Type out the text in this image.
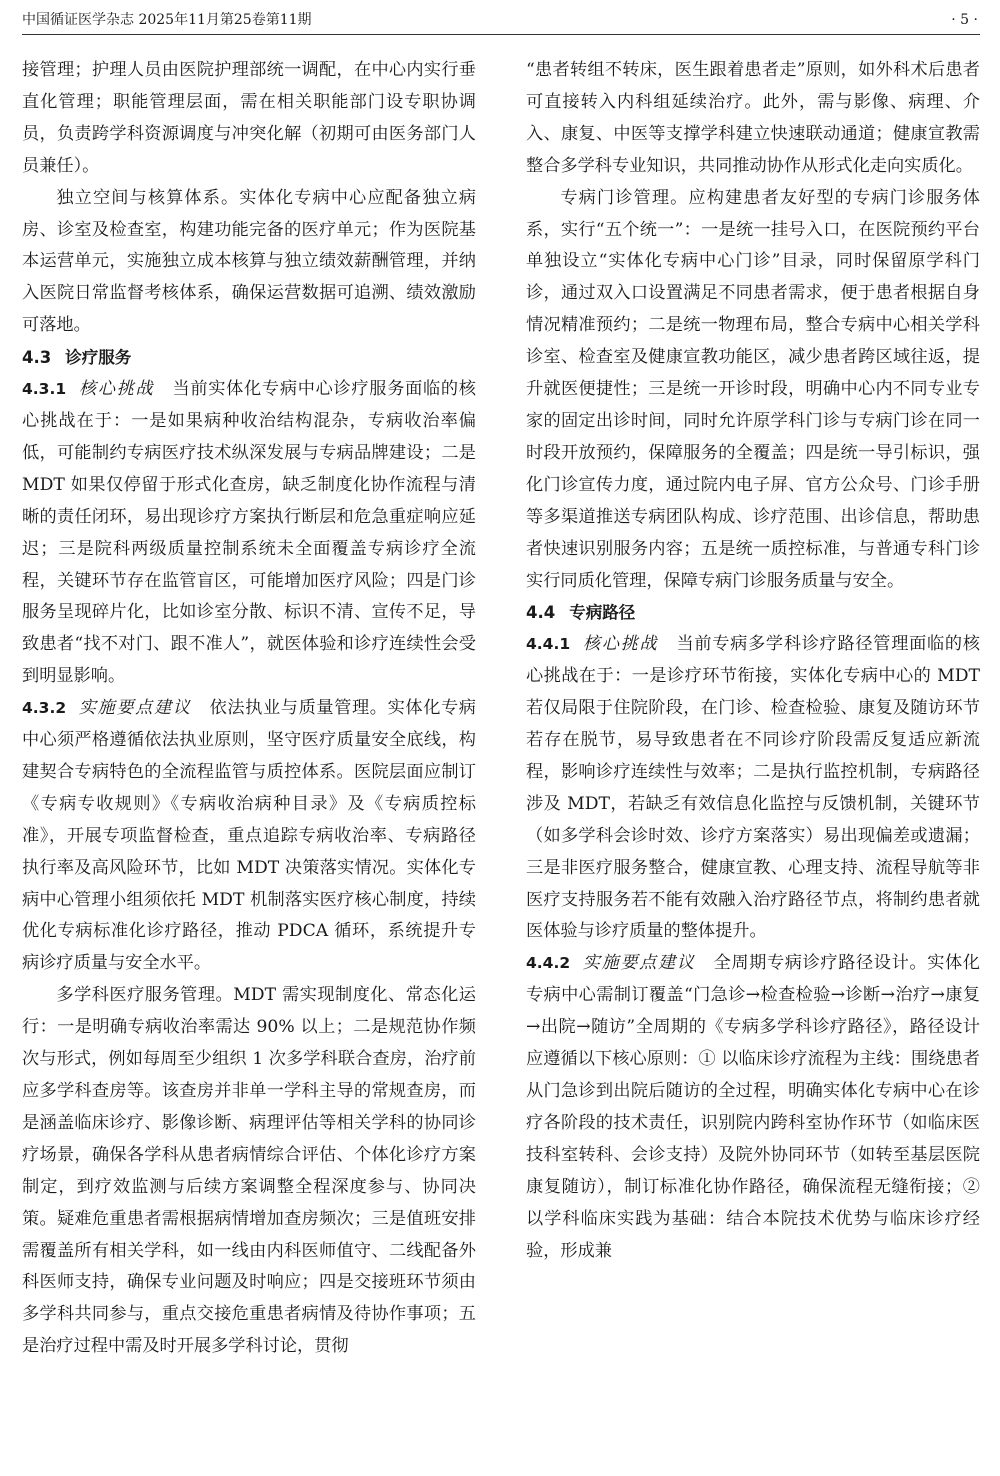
中国循证医学杂志 2025年11月第25卷第11期	· 5 ·

接管理；护理人员由医院护理部统一调配，在中心内实行垂直化管理；职能管理层面，需在相关职能部门设专职协调员，负责跨学科资源调度与冲突化解（初期可由医务部门人员兼任）。

独立空间与核算体系。实体化专病中心应配备独立病房、诊室及检查室，构建功能完备的医疗单元；作为医院基本运营单元，实施独立成本核算与独立绩效薪酬管理，并纳入医院日常监督考核体系，确保运营数据可追溯、绩效激励可落地。

4.3 诊疗服务

4.3.1 核心挑战 当前实体化专病中心诊疗服务面临的核心挑战在于：一是如果病种收治结构混杂，专病收治率偏低，可能制约专病医疗技术纵深发展与专病品牌建设；二是 MDT 如果仅停留于形式化查房，缺乏制度化协作流程与清晰的责任闭环，易出现诊疗方案执行断层和危急重症响应延迟；三是院科两级质量控制系统未全面覆盖专病诊疗全流程，关键环节存在监管盲区，可能增加医疗风险；四是门诊服务呈现碎片化，比如诊室分散、标识不清、宣传不足，导致患者“找不对门、跟不准人”，就医体验和诊疗连续性会受到明显影响。

4.3.2 实施要点建议 依法执业与质量管理。实体化专病中心须严格遵循依法执业原则，坚守医疗质量安全底线，构建契合专病特色的全流程监管与质控体系。医院层面应制订《专病专收规则》《专病收治病种目录》及《专病质控标准》，开展专项监督检查，重点追踪专病收治率、专病路径执行率及高风险环节，比如 MDT 决策落实情况。实体化专病中心管理小组须依托 MDT 机制落实医疗核心制度，持续优化专病标准化诊疗路径，推动 PDCA 循环，系统提升专病诊疗质量与安全水平。

多学科医疗服务管理。MDT 需实现制度化、常态化运行：一是明确专病收治率需达 90% 以上；二是规范协作频次与形式，例如每周至少组织 1 次多学科联合查房，治疗前应多学科查房等。该查房并非单一学科主导的常规查房，而是涵盖临床诊疗、影像诊断、病理评估等相关学科的协同诊疗场景，确保各学科从患者病情综合评估、个体化诊疗方案制定，到疗效监测与后续方案调整全程深度参与、协同决策。疑难危重患者需根据病情增加查房频次；三是值班安排需覆盖所有相关学科，如一线由内科医师值守、二线配备外科医师支持，确保专业问题及时响应；四是交接班环节须由多学科共同参与，重点交接危重患者病情及待协作事项；五是治疗过程中需及时开展多学科讨论，贯彻

“患者转组不转床，医生跟着患者走”原则，如外科术后患者可直接转入内科组延续治疗。此外，需与影像、病理、介入、康复、中医等支撑学科建立快速联动通道；健康宣教需整合多学科专业知识，共同推动协作从形式化走向实质化。

专病门诊管理。应构建患者友好型的专病门诊服务体系，实行“五个统一”：一是统一挂号入口，在医院预约平台单独设立“实体化专病中心门诊”目录，同时保留原学科门诊，通过双入口设置满足不同患者需求，便于患者根据自身情况精准预约；二是统一物理布局，整合专病中心相关学科诊室、检查室及健康宣教功能区，减少患者跨区域往返，提升就医便捷性；三是统一开诊时段，明确中心内不同专业专家的固定出诊时间，同时允许原学科门诊与专病门诊在同一时段开放预约，保障服务的全覆盖；四是统一导引标识，强化门诊宣传力度，通过院内电子屏、官方公众号、门诊手册等多渠道推送专病团队构成、诊疗范围、出诊信息，帮助患者快速识别服务内容；五是统一质控标准，与普通专科门诊实行同质化管理，保障专病门诊服务质量与安全。

4.4 专病路径

4.4.1 核心挑战 当前专病多学科诊疗路径管理面临的核心挑战在于：一是诊疗环节衔接，实体化专病中心的 MDT 若仅局限于住院阶段，在门诊、检查检验、康复及随访环节若存在脱节，易导致患者在不同诊疗阶段需反复适应新流程，影响诊疗连续性与效率；二是执行监控机制，专病路径涉及 MDT，若缺乏有效信息化监控与反馈机制，关键环节（如多学科会诊时效、诊疗方案落实）易出现偏差或遗漏；三是非医疗服务整合，健康宣教、心理支持、流程导航等非医疗支持服务若不能有效融入治疗路径节点，将制约患者就医体验与诊疗质量的整体提升。

4.4.2 实施要点建议 全周期专病诊疗路径设计。实体化专病中心需制订覆盖“门急诊→检查检验→诊断→治疗→康复→出院→随访”全周期的《专病多学科诊疗路径》，路径设计应遵循以下核心原则：① 以临床诊疗流程为主线：围绕患者从门急诊到出院后随访的全过程，明确实体化专病中心在诊疗各阶段的技术责任，识别院内跨科室协作环节（如临床医技科室转科、会诊支持）及院外协同环节（如转至基层医院康复随访），制订标准化协作路径，确保流程无缝衔接；② 以学科临床实践为基础：结合本院技术优势与临床诊疗经验，形成兼
